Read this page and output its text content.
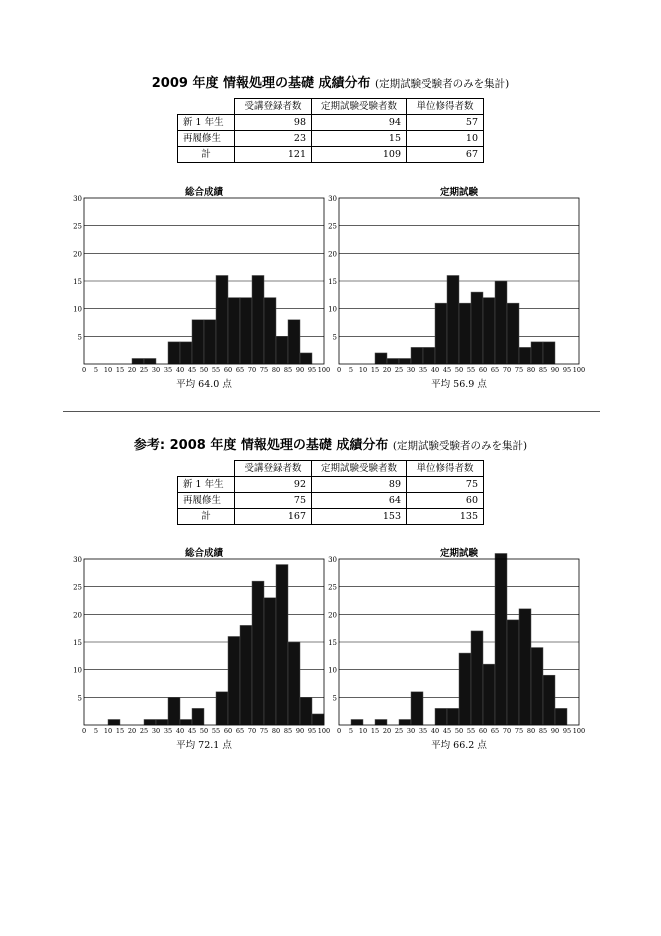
2009 年度 情報処理の基礎 成績分布 (定期試験受験者のみを集計)
	受講登録者数	定期試験受験者数	単位修得者数
新 1 年生	98	94	57
再履修生	23	15	10
計	121	109	67
総合成績	定期試験
5
10
15
20
25
30
0 5 10 15 20 25 30 35 40 45 50 55 60 65 70 75 80 85 90 95 100
5
10
15
20
25
30
0 5 10 15 20 25 30 35 40 45 50 55 60 65 70 75 80 85 90 95 100
平均 64.0 点	平均 56.9 点
参考: 2008 年度 情報処理の基礎 成績分布 (定期試験受験者のみを集計)
	受講登録者数	定期試験受験者数	単位修得者数
新 1 年生	92	89	75
再履修生	75	64	60
計	167	153	135
総合成績	定期試験
5
10
15
20
25
30
0 5 10 15 20 25 30 35 40 45 50 55 60 65 70 75 80 85 90 95 100
5
10
15
20
25
30
0 5 10 15 20 25 30 35 40 45 50 55 60 65 70 75 80 85 90 95 100
平均 72.1 点	平均 66.2 点
